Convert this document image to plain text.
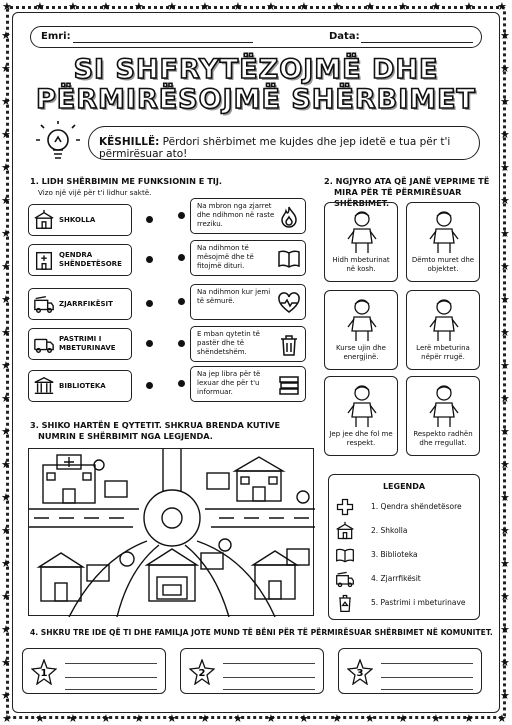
★
★
★
★
★
★
★
★
★
★
★
★
★
★
★
★
★
★
★
★
★
★
★
★
★
★
★
★
★
★
★
★
★	★
★	★
★	★
★	★
★	★
★	★
★	★
★	★
★	★
★	★
★	★
★	★
★	★
★	★
★	★
★	★
★	★
★	★
★	★
★	★
★	★
Emri:	Data:
SI SHFRYTËZOJMË DHE
PËRMIRËSOJMË SHËRBIMET
KËSHILLË: Përdori shërbimet me kujdes dhe jep idetë e tua për t'i përmirësuar ato!
1. LIDH SHËRBIMIN ME FUNKSIONIN E TIJ.
Vizo një vijë për t'i lidhur saktë.
SHKOLLA
QENDRA SHËNDETËSORE
ZJARRFIKËSIT
PASTRIMI I MBETURINAVE
BIBLIOTEKA
Na mbron nga zjarret dhe ndihmon në raste rreziku.
Na ndihmon të mësojmë dhe të fitojmë dituri.
Na ndihmon kur jemi të sëmurë.
E mban qytetin të pastër dhe të shëndetshëm.
Na jep libra për të lexuar dhe për t'u informuar.
2. NGJYRO ATA QË JANË VEPRIME TË
MIRA PËR TË PËRMIRËSUAR SHËRBIMET.
Hidh mbeturinat në kosh.
Dëmto muret dhe objektet.
Kurse ujin dhe energjinë.
Lerë mbeturina nëpër rrugë.
Jep jee dhe fol me respekt.
Respekto radhën dhe rregullat.
3. SHIKO HARTËN E QYTETIT. SHKRUA BRENDA KUTIVE
NUMRIN E SHËRBIMIT NGA LEGJENDA.
LEGENDA
1. Qendra shëndetësore
2. Shkolla
3. Biblioteka
4. Zjarrfikësit
5. Pastrimi i mbeturinave
4. SHKRU TRE IDE QË TI DHE FAMILJA JOTE MUND TË BËNI PËR TË PËRMIRËSUAR SHËRBIMET NË KOMUNITET.
1	2	3
